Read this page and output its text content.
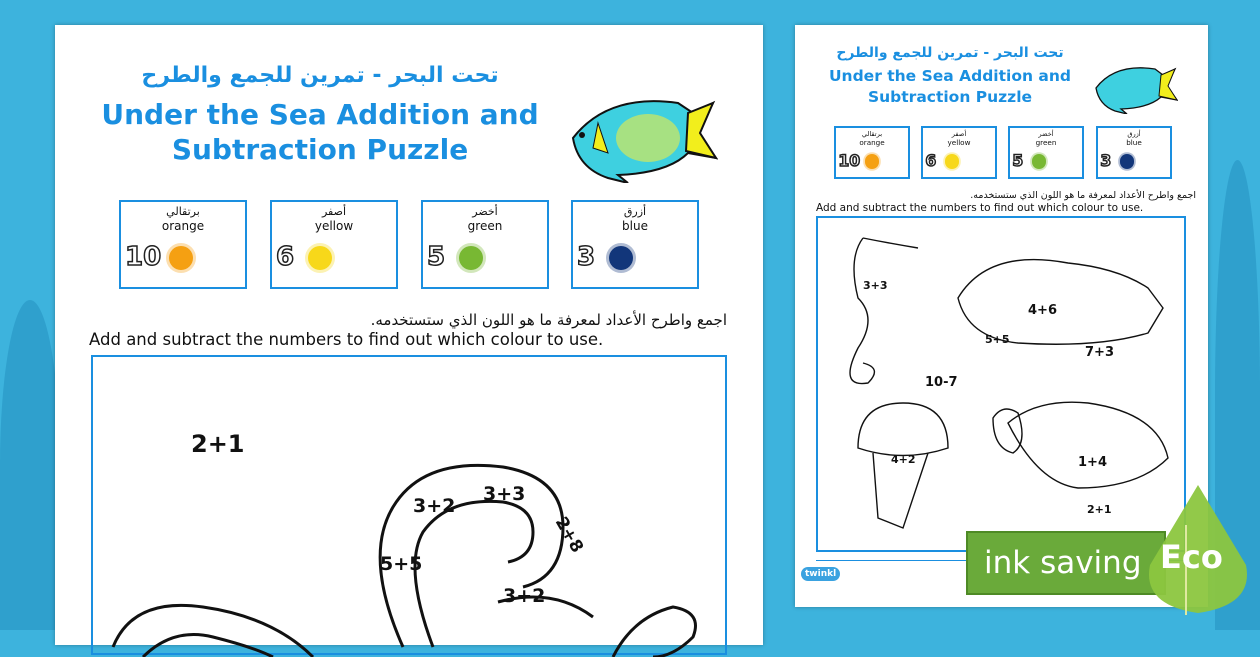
تحت البحر - تمرين للجمع والطرح
Under the Sea Addition and
Subtraction Puzzle
برتقالي
orange
10
أصفر
yellow
6
أخضر
green
5
أزرق
blue
3
اجمع واطرح الأعداد لمعرفة ما هو اللون الذي ستستخدمه.
Add and subtract the numbers to find out which colour to use.
2+1
3+2
3+3
2+8
5+5
3+2
تحت البحر - تمرين للجمع والطرح
Under the Sea Addition and
Subtraction Puzzle
برتقالي
orange
10
أصفر
yellow
6
أخضر
green
5
أزرق
blue
3
اجمع واطرح الأعداد لمعرفة ما هو اللون الذي ستستخدمه.
Add and subtract the numbers to find out which colour to use.
3+3
4+6
5+5
7+3
10-7
4+2	1+4
2+1
twinkl	ink saving Eco
